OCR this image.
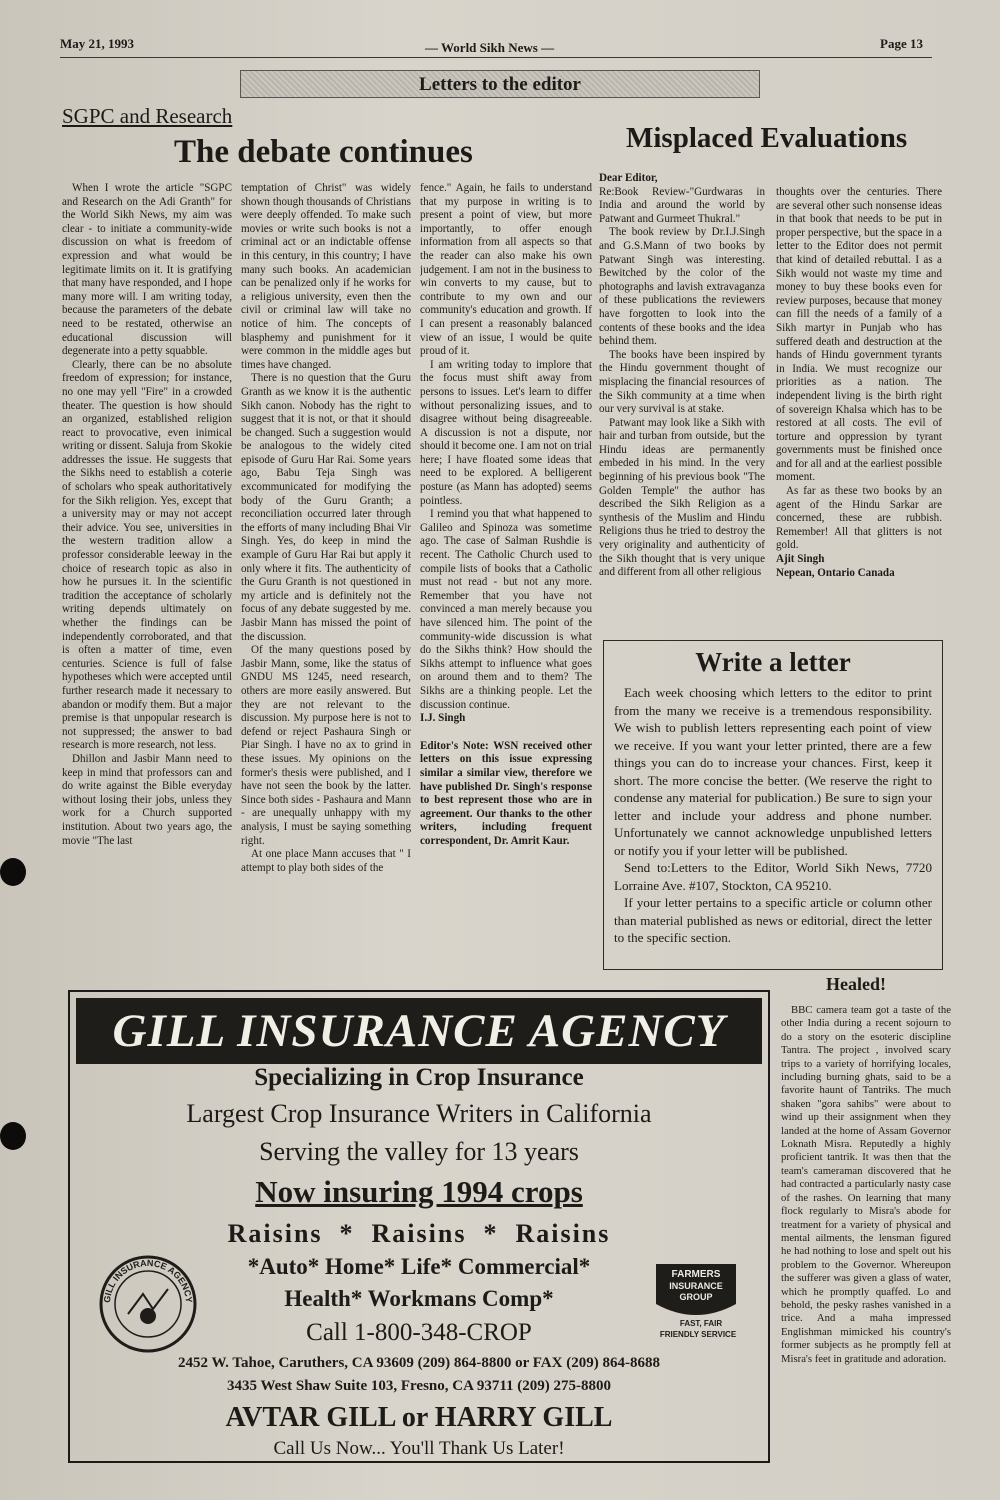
May 21, 1993	— World Sikh News —	Page 13
Letters to the editor
SGPC and Research
The debate continues	Misplaced Evaluations

When I wrote the article "SGPC and Research on the Adi Granth" for the World Sikh News, my aim was clear - to initiate a community-wide discussion on what is freedom of expression and what would be legitimate limits on it. It is gratifying that many have responded, and I hope many more will. I am writing today, because the parameters of the debate need to be restated, otherwise an educational discussion will degenerate into a petty squabble.

Clearly, there can be no absolute freedom of expression; for instance, no one may yell "Fire" in a crowded theater. The question is how should an organized, established religion react to provocative, even inimical writing or dissent. Saluja from Skokie addresses the issue. He suggests that the Sikhs need to establish a coterie of scholars who speak authoritatively for the Sikh religion. Yes, except that a university may or may not accept their advice. You see, universities in the western tradition allow a professor considerable leeway in the choice of research topic as also in how he pursues it. In the scientific tradition the acceptance of scholarly writing depends ultimately on whether the findings can be independently corroborated, and that is often a matter of time, even centuries. Science is full of false hypotheses which were accepted until further research made it necessary to abandon or modify them. But a major premise is that unpopular research is not suppressed; the answer to bad research is more research, not less.

Dhillon and Jasbir Mann need to keep in mind that professors can and do write against the Bible everyday without losing their jobs, unless they work for a Church supported institution. About two years ago, the movie "The last

temptation of Christ" was widely shown though thousands of Christians were deeply offended. To make such movies or write such books is not a criminal act or an indictable offense in this century, in this country; I have many such books. An academician can be penalized only if he works for a religious university, even then the civil or criminal law will take no notice of him. The concepts of blasphemy and punishment for it were common in the middle ages but times have changed.

There is no question that the Guru Granth as we know it is the authentic Sikh canon. Nobody has the right to suggest that it is not, or that it should be changed. Such a suggestion would be analogous to the widely cited episode of Guru Har Rai. Some years ago, Babu Teja Singh was excommunicated for modifying the body of the Guru Granth; a reconciliation occurred later through the efforts of many including Bhai Vir Singh. Yes, do keep in mind the example of Guru Har Rai but apply it only where it fits. The authenticity of the Guru Granth is not questioned in my article and is definitely not the focus of any debate suggested by me. Jasbir Mann has missed the point of the discussion.

Of the many questions posed by Jasbir Mann, some, like the status of GNDU MS 1245, need research, others are more easily answered. But they are not relevant to the discussion. My purpose here is not to defend or reject Pashaura Singh or Piar Singh. I have no ax to grind in these issues. My opinions on the former's thesis were published, and I have not seen the book by the latter. Since both sides - Pashaura and Mann - are unequally unhappy with my analysis, I must be saying something right.

At one place Mann accuses that " I attempt to play both sides of the

fence." Again, he fails to understand that my purpose in writing is to present a point of view, but more importantly, to offer enough information from all aspects so that the reader can also make his own judgement. I am not in the business to win converts to my cause, but to contribute to my own and our community's education and growth. If I can present a reasonably balanced view of an issue, I would be quite proud of it.

I am writing today to implore that the focus must shift away from persons to issues. Let's learn to differ without personalizing issues, and to disagree without being disagreeable. A discussion is not a dispute, nor should it become one. I am not on trial here; I have floated some ideas that need to be explored. A belligerent posture (as Mann has adopted) seems pointless.

I remind you that what happened to Galileo and Spinoza was sometime ago. The case of Salman Rushdie is recent. The Catholic Church used to compile lists of books that a Catholic must not read - but not any more. Remember that you have not convinced a man merely because you have silenced him. The point of the community-wide discussion is what do the Sikhs think? How should the Sikhs attempt to influence what goes on around them and to them? The Sikhs are a thinking people. Let the discussion continue.

I.J. Singh

Editor's Note: WSN received other letters on this issue expressing similar a similar view, therefore we have published Dr. Singh's response to best represent those who are in agreement. Our thanks to the other writers, including frequent correspondent, Dr. Amrit Kaur.

Dear Editor,

Re:Book Review-"Gurdwaras in India and around the world by Patwant and Gurmeet Thukral."

The book review by Dr.I.J.Singh and G.S.Mann of two books by Patwant Singh was interesting. Bewitched by the color of the photographs and lavish extravaganza of these publications the reviewers have forgotten to look into the contents of these books and the idea behind them.

The books have been inspired by the Hindu government thought of misplacing the financial resources of the Sikh community at a time when our very survival is at stake.

Patwant may look like a Sikh with hair and turban from outside, but the Hindu ideas are permanently embeded in his mind. In the very beginning of his previous book "The Golden Temple" the author has described the Sikh Religion as a synthesis of the Muslim and Hindu Religions thus he tried to destroy the very originality and authenticity of the Sikh thought that is very unique and different from all other religious

thoughts over the centuries. There are several other such nonsense ideas in that book that needs to be put in proper perspective, but the space in a letter to the Editor does not permit that kind of detailed rebuttal. I as a Sikh would not waste my time and money to buy these books even for review purposes, because that money can fill the needs of a family of a Sikh martyr in Punjab who has suffered death and destruction at the hands of Hindu government tyrants in India. We must recognize our priorities as a nation. The independent living is the birth right of sovereign Khalsa which has to be restored at all costs. The evil of torture and oppression by tyrant governments must be finished once and for all and at the earliest possible moment.

As far as these two books by an agent of the Hindu Sarkar are concerned, these are rubbish. Remember! All that glitters is not gold.

Ajit Singh

Nepean, Ontario Canada

Write a letter

Each week choosing which letters to the editor to print from the many we receive is a tremendous responsibility. We wish to publish letters representing each point of view we receive. If you want your letter printed, there are a few things you can do to increase your chances. First, keep it short. The more concise the better. (We reserve the right to condense any material for publication.) Be sure to sign your letter and include your address and phone number. Unfortunately we cannot acknowledge unpublished letters or notify you if your letter will be published.

Send to:Letters to the Editor, World Sikh News, 7720 Lorraine Ave. #107, Stockton, CA 95210.

If your letter pertains to a specific article or column other than material published as news or editorial, direct the letter to the specific section.

Healed!

BBC camera team got a taste of the other India during a recent sojourn to do a story on the esoteric discipline Tantra. The project , involved scary trips to a variety of horrifying locales, including burning ghats, said to be a favorite haunt of Tantriks. The much shaken "gora sahibs" were about to wind up their assignment when they landed at the home of Assam Governor Loknath Misra. Reputedly a highly proficient tantrik. It was then that the team's cameraman discovered that he had contracted a particularly nasty case of the rashes. On learning that many flock regularly to Misra's abode for treatment for a variety of physical and mental ailments, the lensman figured he had nothing to lose and spelt out his problem to the Governor. Whereupon the sufferer was given a glass of water, which he promptly quaffed. Lo and behold, the pesky rashes vanished in a trice. And a maha impressed Englishman mimicked his country's former subjects as he promptly fell at Misra's feet in gratitude and adoration.

GILL INSURANCE AGENCY
Specializing in Crop Insurance
Largest Crop Insurance Writers in California
Serving the valley for 13 years
Now insuring 1994 crops
Raisins  *  Raisins  *  Raisins
*Auto* Home* Life* Commercial*
Health* Workmans Comp*
Call 1-800-348-CROP
2452 W. Tahoe, Caruthers, CA 93609 (209) 864-8800 or FAX (209) 864-8688
3435 West Shaw Suite 103, Fresno, CA 93711 (209) 275-8800
AVTAR GILL or HARRY GILL
Call Us Now... You'll Thank Us Later!
GILL INSURANCE AGENCY
FARMERS
INSURANCE
GROUP
FAST, FAIR
FRIENDLY SERVICE
